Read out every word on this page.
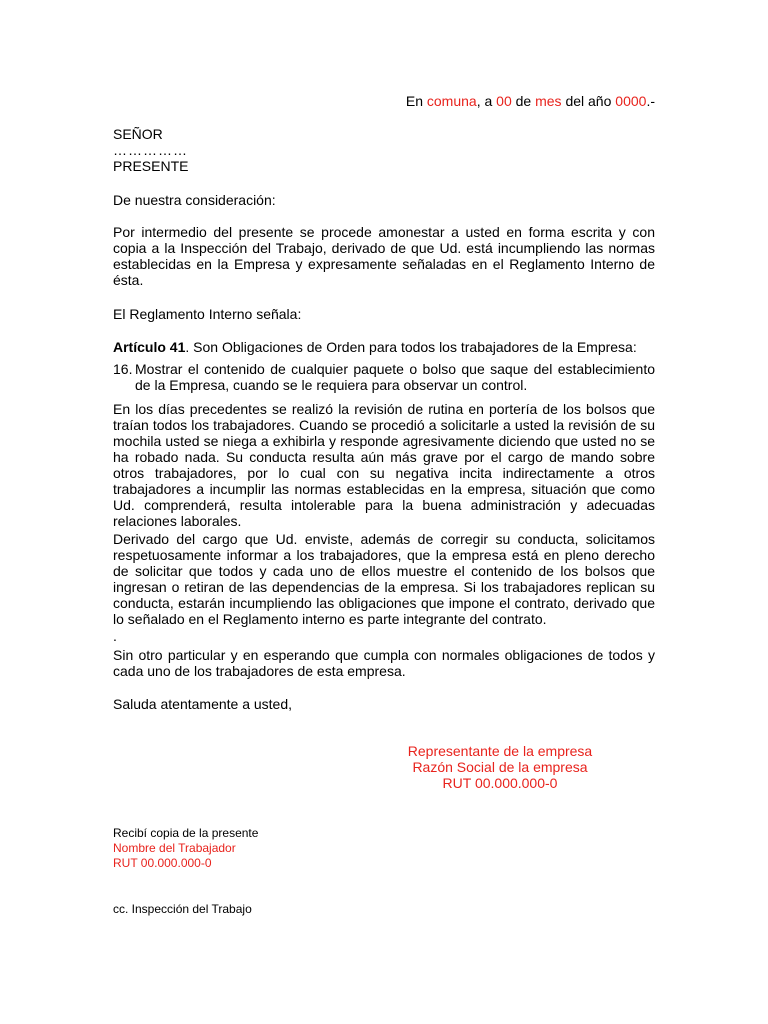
En comuna, a 00 de mes del año 0000.-
SEÑOR
……………
PRESENTE
De nuestra consideración:
Por intermedio del presente se procede amonestar a usted en forma escrita y con copia a la Inspección del Trabajo, derivado de que Ud. está incumpliendo las normas establecidas en la Empresa y expresamente señaladas en el Reglamento Interno de ésta.
El Reglamento Interno señala:
Artículo 41. Son Obligaciones de Orden para todos los trabajadores de la Empresa:
16. Mostrar el contenido de cualquier paquete o bolso que saque del establecimiento de la Empresa, cuando se le requiera para observar un control.
En los días precedentes se realizó la revisión de rutina en portería de los bolsos que traían todos los trabajadores. Cuando se procedió a solicitarle a usted la revisión de su mochila usted se niega a exhibirla y responde agresivamente diciendo que usted no se ha robado nada. Su conducta resulta aún más grave por el cargo de mando sobre otros trabajadores, por lo cual con su negativa incita indirectamente a otros trabajadores a incumplir las normas establecidas en la empresa, situación que como Ud. comprenderá, resulta intolerable para la buena administración y adecuadas relaciones laborales.
Derivado del cargo que Ud. enviste, además de corregir su conducta, solicitamos respetuosamente informar a los trabajadores, que la empresa está en pleno derecho de solicitar que todos y cada uno de ellos muestre el contenido de los bolsos que ingresan o retiran de las dependencias de la empresa. Si los trabajadores replican su conducta, estarán incumpliendo las obligaciones que impone el contrato, derivado que lo señalado en el Reglamento interno es parte integrante del contrato.
.
Sin otro particular y en esperando que cumpla con normales obligaciones de todos y cada uno de los trabajadores de esta empresa.
Saluda atentamente a usted,
Representante de la empresa
Razón Social de la empresa
RUT 00.000.000-0
Recibí copia de la presente
Nombre del Trabajador
RUT 00.000.000-0
cc. Inspección del Trabajo
